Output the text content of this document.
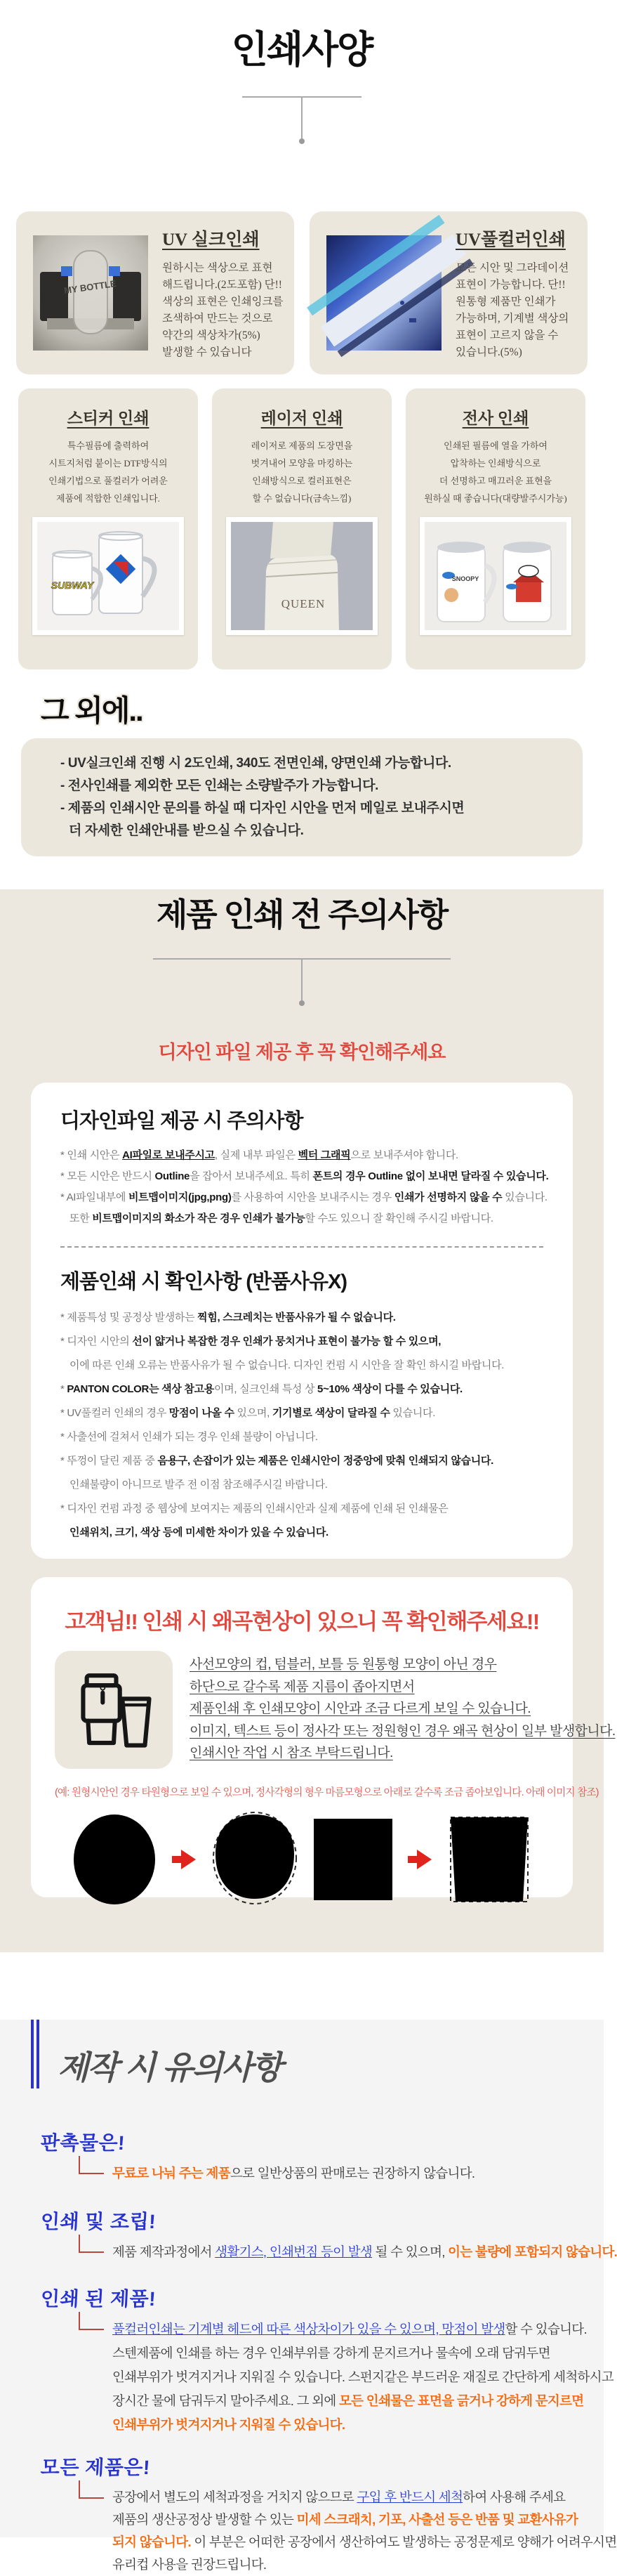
인쇄사양
MY BOTTLE
UV 실크인쇄
원하시는 색상으로 표현
해드립니다.(2도포함) 단!!
색상의 표현은 인쇄잉크를
조색하여 만드는 것으로
약간의 색상차가(5%)
발생할 수 있습니다
UV풀컬러인쇄
모든 시안 및 그라데이션
표현이 가능합니다. 단!!
원통형 제품만 인쇄가
가능하며, 기계별 색상의
표현이 고르지 않을 수
있습니다.(5%)
스티커 인쇄
특수필름에 출력하여
시트지처럼 붙이는 DTF방식의
인쇄기법으로 풀컬러가 어려운
제품에 적합한 인쇄입니다.
SUBWAY
레이저 인쇄
레이저로 제품의 도장면을
벗겨내어 모양을 마킹하는
인쇄방식으로 컬러표현은
할 수 없습니다(금속느낌)
QUEEN
전사 인쇄
인쇄된 필름에 열을 가하여
압착하는 인쇄방식으로
더 선명하고 매끄러운 표현을
원하실 때 좋습니다(대량발주시가능)
SNOOPY
그 외에..
- UV실크인쇄 진행 시 2도인쇄, 340도 전면인쇄, 양면인쇄 가능합니다.
- 전사인쇄를 제외한 모든 인쇄는 소량발주가 가능합니다.
- 제품의 인쇄시안 문의를 하실 때 디자인 시안을 먼저 메일로 보내주시면
더 자세한 인쇄안내를 받으실 수 있습니다.
제품 인쇄 전 주의사항
디자인 파일 제공 후 꼭 확인해주세요
디자인파일 제공 시 주의사항

* 인쇄 시안은 AI파일로 보내주시고, 실제 내부 파일은 벡터 그래픽으로 보내주셔야 합니다.

* 모든 시안은 반드시 Outline을 잡아서 보내주세요. 특히 폰트의 경우 Outline 없이 보내면 달라질 수 있습니다.

* AI파일내부에 비트맵이미지(jpg,png)를 사용하여 시안을 보내주시는 경우 인쇄가 선명하지 않을 수 있습니다.

또한 비트맵이미지의 화소가 작은 경우 인쇄가 불가능할 수도 있으니 잘 확인해 주시길 바랍니다.

제품인쇄 시 확인사항 (반품사유X)

* 제품특성 및 공정상 발생하는 찍힘, 스크레치는 반품사유가 될 수 없습니다.

* 디자인 시안의 선이 얇거나 복잡한 경우 인쇄가 뭉치거나 표현이 불가능 할 수 있으며,

이에 따른 인쇄 오류는 반품사유가 될 수 없습니다. 디자인 컨펌 시 시안을 잘 확인 하시길 바랍니다.

* PANTON COLOR는 색상 참고용이며, 실크인쇄 특성 상 5~10% 색상이 다를 수 있습니다.

* UV풀컬러 인쇄의 경우 망점이 나올 수 있으며, 기기별로 색상이 달라질 수 있습니다.

* 사출선에 걸쳐서 인쇄가 되는 경우 인쇄 불량이 아닙니다.

* 뚜껑이 달린 제품 중 음용구, 손잡이가 있는 제품은 인쇄시안이 정중앙에 맞춰 인쇄되지 않습니다.

인쇄불량이 아니므로 발주 전 이점 참조해주시길 바랍니다.

* 디자인 컨펌 과정 중 웹상에 보여지는 제품의 인쇄시안과 실제 제품에 인쇄 된 인쇄물은

인쇄위치, 크기, 색상 등에 미세한 차이가 있을 수 있습니다.

고객님!! 인쇄 시 왜곡현상이 있으니 꼭 확인해주세요!!

사선모양의 컵, 텀블러, 보틀 등 원통형 모양이 아닌 경우

하단으로 갈수록 제품 지름이 좁아지면서

제품인쇄 후 인쇄모양이 시안과 조금 다르게 보일 수 있습니다.

이미지, 텍스트 등이 정사각 또는 정원형인 경우 왜곡 현상이 일부 발생합니다.

인쇄시안 작업 시 참조 부탁드립니다.

(예: 원형시안인 경우 타원형으로 보일 수 있으며, 정사각형의 형우 마름모형으로 아래로 갈수록 조금 좁아보입니다. 아래 이미지 참조)
제작 시 유의사항
판촉물은!

무료로 나눠 주는 제품으로 일반상품의 판매로는 권장하지 않습니다.

인쇄 및 조립!

제품 제작과정에서 생활기스, 인쇄번짐 등이 발생 될 수 있으며, 이는 불량에 포함되지 않습니다.

인쇄 된 제품!

풀컬러인쇄는 기계별 헤드에 따른 색상차이가 있을 수 있으며, 망점이 발생할 수 있습니다.

스텐제품에 인쇄를 하는 경우 인쇄부위를 강하게 문지르거나 물속에 오래 담궈두면

인쇄부위가 벗겨지거나 지워질 수 있습니다. 스펀지같은 부드러운 재질로 간단하게 세척하시고

장시간 물에 담궈두지 말아주세요. 그 외에 모든 인쇄물은 표면을 긁거나 강하게 문지르면

인쇄부위가 벗겨지거나 지워질 수 있습니다.

모든 제품은!

공장에서 별도의 세척과정을 거치지 않으므로 구입 후 반드시 세척하여 사용해 주세요

제품의 생산공정상 발생할 수 있는 미세 스크래치, 기포, 사출선 등은 반품 및 교환사유가

되지 않습니다. 이 부분은 어떠한 공장에서 생산하여도 발생하는 공정문제로 양해가 어려우시면

유리컵 사용을 권장드립니다.
